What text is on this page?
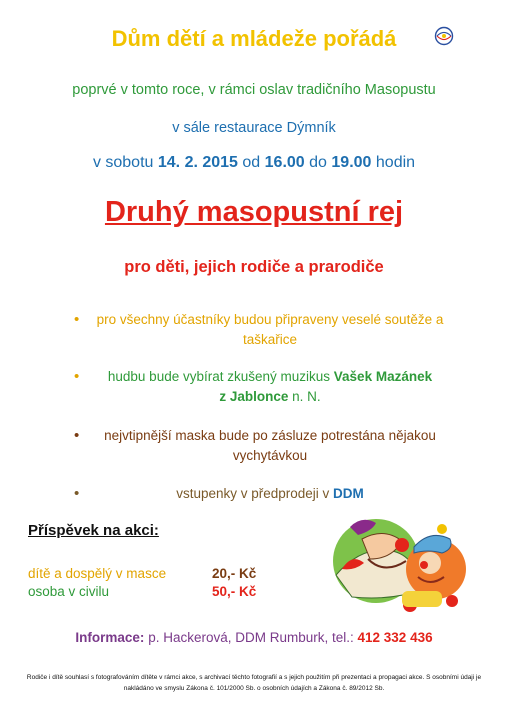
Dům dětí a mládeže pořádá
poprvé v tomto roce, v rámci oslav tradičního Masopustu
v sále restaurace Dýmník
v sobotu 14. 2. 2015 od 16.00 do 19.00 hodin
Druhý masopustní rej
pro děti, jejich rodiče a prarodiče
• pro všechny účastníky budou připraveny veselé soutěže a taškařice
• hudbu bude vybírat zkušený muzikus Vašek Mazánek
z Jablonce n. N.
• nejvtipnější maska bude po zásluze potrestána nějakou vychytávkou
•	vstupenky v předprodeji v DDM
Příspěvek na akci:
dítě a dospělý v masce	20,- Kč
osoba v civilu	50,- Kč
Informace: p. Hackerová, DDM Rumburk, tel.: 412 332 436
Rodiče i dítě souhlasí s fotografováním dítěte v rámci akce, s archivací těchto fotografií a s jejich použitím při prezentaci a propagaci akce. S osobními údaji je nakládáno ve smyslu Zákona č. 101/2000 Sb. o osobních údajích a Zákona č. 89/2012 Sb.
